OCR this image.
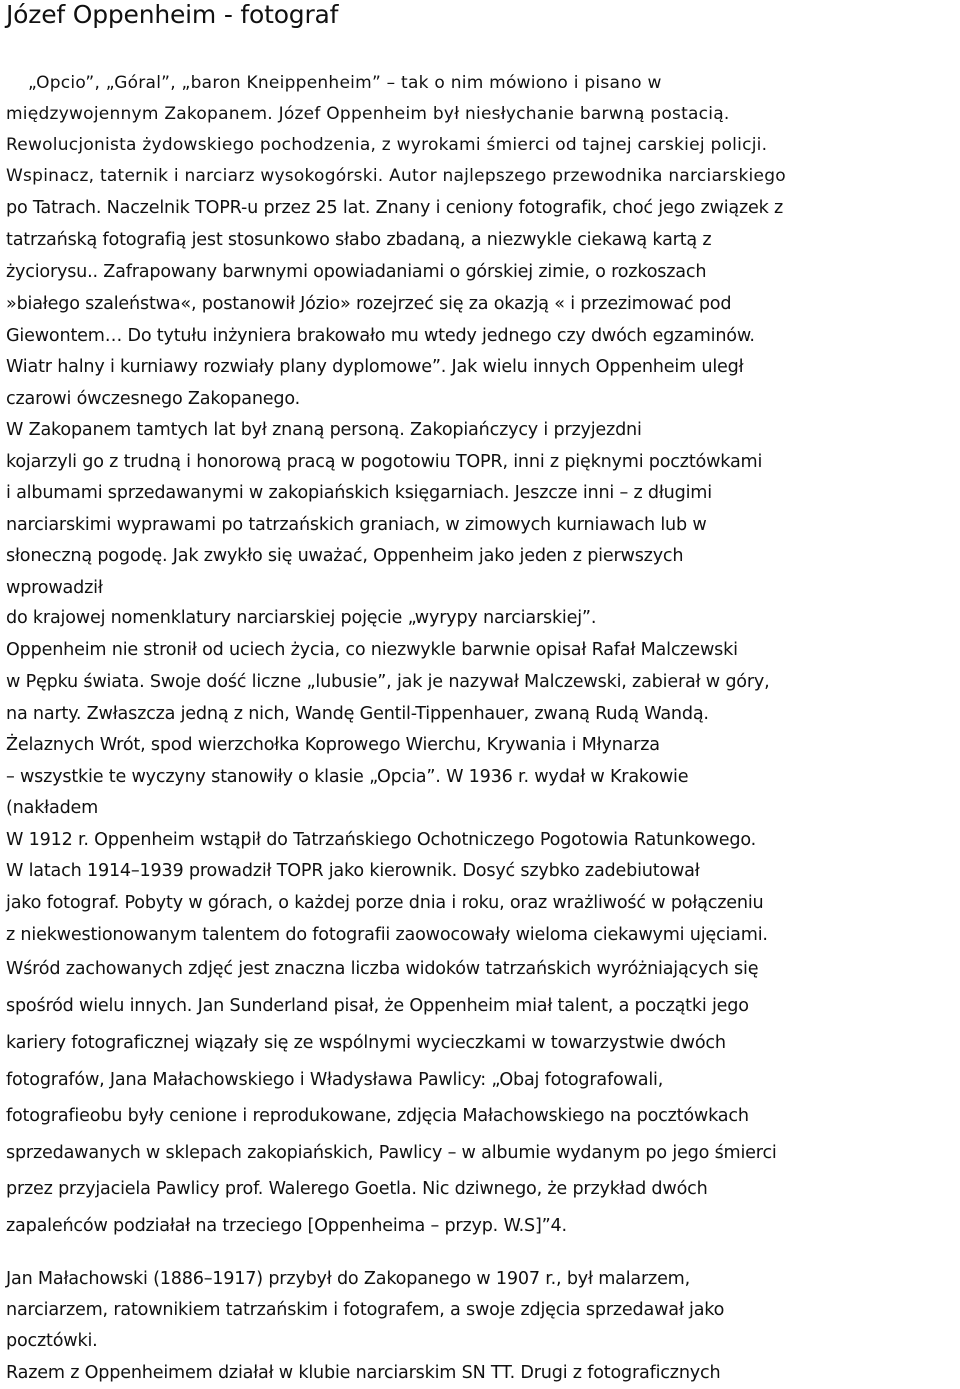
Józef Oppenheim - fotograf

„Opcio”, „Góral”, „baron Kneippenheim” – tak o nim mówiono i pisano w

międzywojennym Zakopanem. Józef Oppenheim był niesłychanie barwną postacią.

Rewolucjonista żydowskiego pochodzenia, z wyrokami śmierci od tajnej carskiej policji.

Wspinacz, taternik i narciarz wysokogórski. Autor najlepszego przewodnika narciarskiego

po Tatrach. Naczelnik TOPR-u przez 25 lat. Znany i ceniony fotografik, choć jego związek z

tatrzańską fotografią jest stosunkowo słabo zbadaną, a niezwykle ciekawą kartą z

życiorysu.. Zafrapowany barwnymi opowiadaniami o górskiej zimie, o rozkoszach

»białego szaleństwa«, postanowił Józio» rozejrzeć się za okazją « i przezimować pod

Giewontem… Do tytułu inżyniera brakowało mu wtedy jednego czy dwóch egzaminów.

Wiatr halny i kurniawy rozwiały plany dyplomowe”. Jak wielu innych Oppenheim uległ

czarowi ówczesnego Zakopanego.

W Zakopanem tamtych lat był znaną personą. Zakopiańczycy i przyjezdni

kojarzyli go z trudną i honorową pracą w pogotowiu TOPR, inni z pięknymi pocztówkami

i albumami sprzedawanymi w zakopiańskich księgarniach. Jeszcze inni – z długimi

narciarskimi wyprawami po tatrzańskich graniach, w zimowych kurniawach lub w

słoneczną pogodę. Jak zwykło się uważać, Oppenheim jako jeden z pierwszych

wprowadził

do krajowej nomenklatury narciarskiej pojęcie „wyrypy narciarskiej”.

Oppenheim nie stronił od uciech życia, co niezwykle barwnie opisał Rafał Malczewski

w Pępku świata. Swoje dość liczne „lubusie”, jak je nazywał Malczewski, zabierał w góry,

na narty. Zwłaszcza jedną z nich, Wandę Gentil-Tippenhauer, zwaną Rudą Wandą.

Żelaznych Wrót, spod wierzchołka Koprowego Wierchu, Krywania i Młynarza

– wszystkie te wyczyny stanowiły o klasie „Opcia”. W 1936 r. wydał w Krakowie

(nakładem

W 1912 r. Oppenheim wstąpił do Tatrzańskiego Ochotniczego Pogotowia Ratunkowego.

W latach 1914–1939 prowadził TOPR jako kierownik. Dosyć szybko zadebiutował

jako fotograf. Pobyty w górach, o każdej porze dnia i roku, oraz wrażliwość w połączeniu

z niekwestionowanym talentem do fotografii zaowocowały wieloma ciekawymi ujęciami.

Wśród zachowanych zdjęć jest znaczna liczba widoków tatrzańskich wyróżniających się

spośród wielu innych. Jan Sunderland pisał, że Oppenheim miał talent, a początki jego

kariery fotograficznej wiązały się ze wspólnymi wycieczkami w towarzystwie dwóch

fotografów, Jana Małachowskiego i Władysława Pawlicy: „Obaj fotografowali,

fotografieobu były cenione i reprodukowane, zdjęcia Małachowskiego na pocztówkach

sprzedawanych w sklepach zakopiańskich, Pawlicy – w albumie wydanym po jego śmierci

przez przyjaciela Pawlicy prof. Walerego Goetla. Nic dziwnego, że przykład dwóch

zapaleńców podziałał na trzeciego [Oppenheima – przyp. W.S]”4.

Jan Małachowski (1886–1917) przybył do Zakopanego w 1907 r., był malarzem,

narciarzem, ratownikiem tatrzańskim i fotografem, a swoje zdjęcia sprzedawał jako

pocztówki.

Razem z Oppenheimem działał w klubie narciarskim SN TT. Drugi z fotograficznych
